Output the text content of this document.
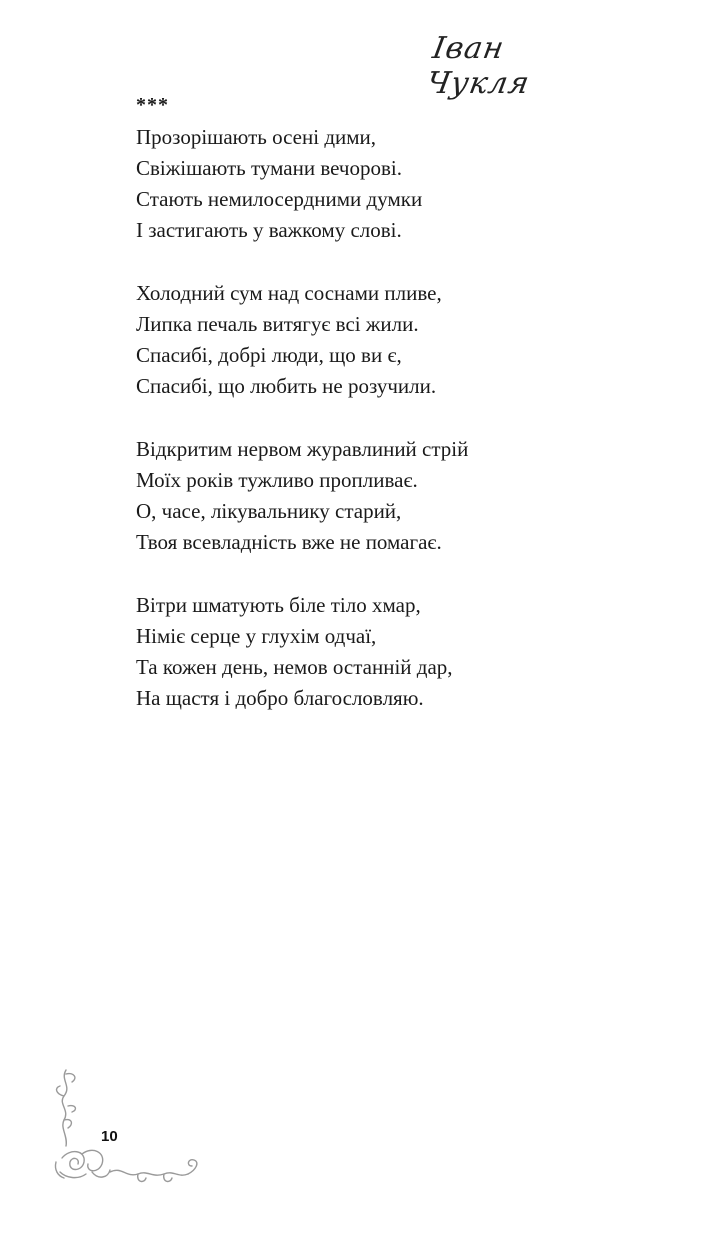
Іван Чукля
***
Прозорішають осені дими,
Свіжішають тумани вечорові.
Стають немилосердними думки
І застигають у важкому слові.
Холодний сум над соснами пливе,
Липка печаль витягує всі жили.
Спасибі, добрі люди, що ви є,
Спасибі, що любить не розучили.
Відкритим нервом журавлиний стрій
Моїх років тужливо пропливає.
О, часе, лікувальнику старий,
Твоя всевладність вже не помагає.
Вітри шматують біле тіло хмар,
Німіє серце у глухім одчаї,
Та кожен день, немов останній дар,
На щастя і добро благословляю.
10
